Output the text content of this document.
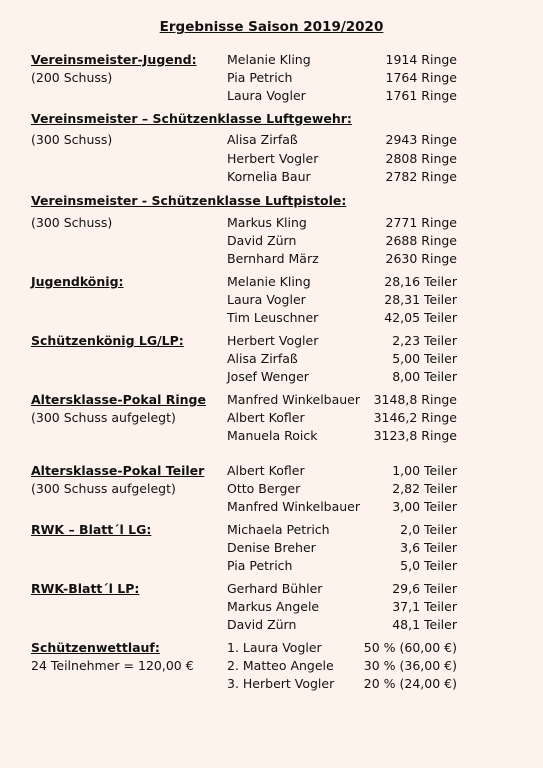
Ergebnisse Saison 2019/2020
Vereinsmeister-Jugend:
(200 Schuss)
Melanie Kling	1914 Ringe
Pia Petrich	1764 Ringe
Laura Vogler	1761 Ringe
Vereinsmeister – Schützenklasse Luftgewehr:
(300 Schuss)	Alisa Zirfaß	2943 Ringe
Herbert Vogler	2808 Ringe
Kornelia Baur	2782 Ringe
Vereinsmeister - Schützenklasse Luftpistole:
(300 Schuss)	Markus Kling	2771 Ringe
David Zürn	2688 Ringe
Bernhard März	2630 Ringe
Jugendkönig:	Melanie Kling	28,16 Teiler
Laura Vogler	28,31 Teiler
Tim Leuschner	42,05 Teiler
Schützenkönig LG/LP:	Herbert Vogler	2,23 Teiler
Alisa Zirfaß	5,00 Teiler
Josef Wenger	8,00 Teiler
Altersklasse-Pokal Ringe
(300 Schuss aufgelegt)
Manfred Winkelbauer 3148,8 Ringe
Albert Kofler	3146,2 Ringe
Manuela Roick	3123,8 Ringe
Altersklasse-Pokal Teiler
(300 Schuss aufgelegt)
Albert Kofler	1,00 Teiler
Otto Berger	2,82 Teiler
Manfred Winkelbauer	3,00 Teiler
RWK – Blatt´l LG:	Michaela Petrich	2,0 Teiler
Denise Breher	3,6 Teiler
Pia Petrich	5,0 Teiler
RWK-Blatt´l LP:	Gerhard Bühler	29,6 Teiler
Markus Angele	37,1 Teiler
David Zürn	48,1 Teiler
Schützenwettlauf:
24 Teilnehmer = 120,00 €
1. Laura Vogler	50 % (60,00 €)
2. Matteo Angele 30 % (36,00 €)
3. Herbert Vogler 20 % (24,00 €)
